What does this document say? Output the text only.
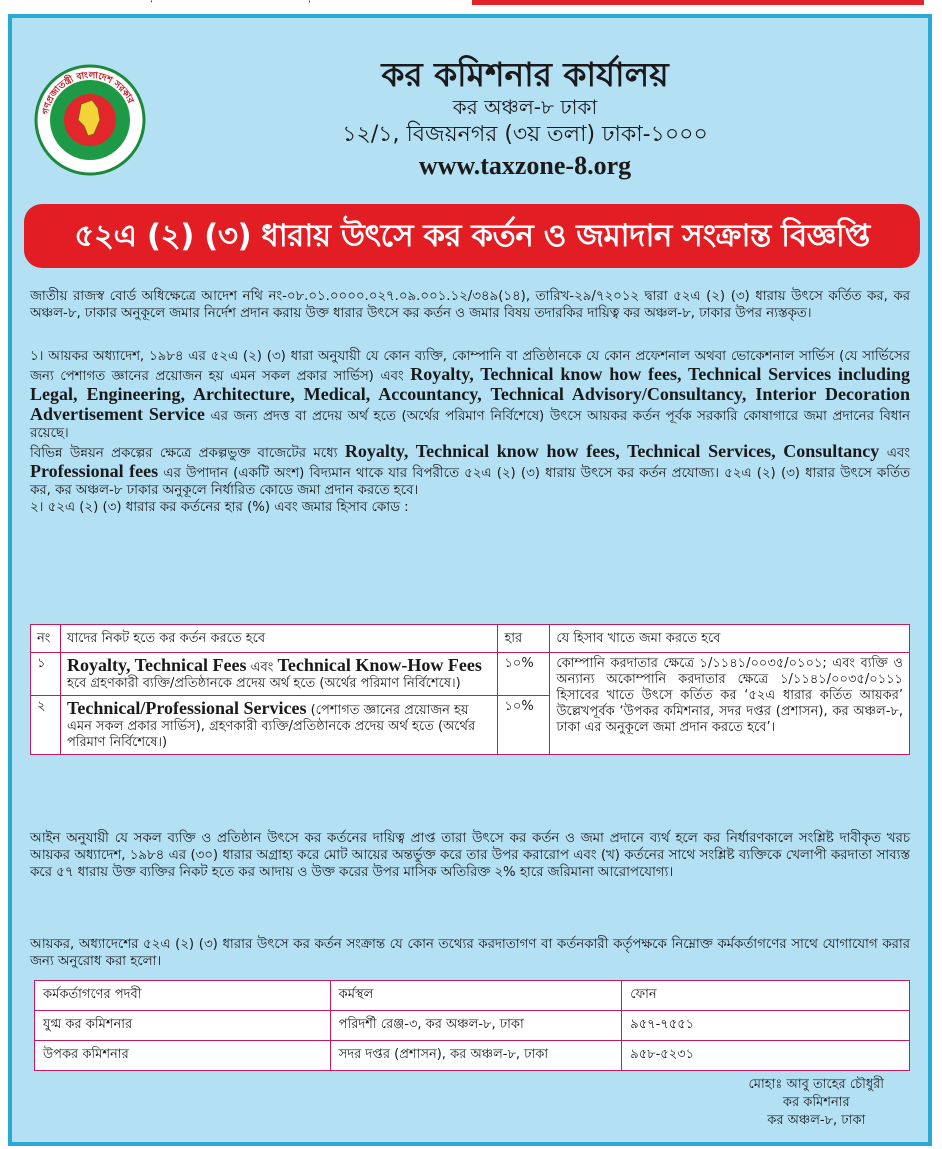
ʼ	ʼ
গণপ্রজাতন্ত্রী বাংলাদেশ সরকার
কর কমিশনার কার্যালয়
কর অঞ্চল-৮ ঢাকা
১২/১, বিজয়নগর (৩য় তলা) ঢাকা-১০০০
www.taxzone-8.org
৫২এ (২) (৩) ধারায় উৎসে কর কর্তন ও জমাদান সংক্রান্ত বিজ্ঞপ্তি
জাতীয় রাজস্ব বোর্ড অধিক্ষেত্রে আদেশ নথি নং-০৮.০১.০০০০.০২৭.০৯.০০১.১২/৩৪৯(১৪), তারিখ-২৯/৭২০১২ দ্বারা ৫২এ (২) (৩) ধারায় উৎসে কর্তিত কর, কর অঞ্চল-৮, ঢাকার অনুকূলে জমার নির্দেশ প্রদান করায় উক্ত ধারার উৎসে কর কর্তন ও জমার বিষয় তদারকির দায়িত্ব কর অঞ্চল-৮, ঢাকার উপর ন্যস্তকৃত।

১। আয়কর অধ্যাদেশ, ১৯৮৪ এর ৫২এ (২) (৩) ধারা অনুযায়ী যে কোন ব্যক্তি, কোম্পানি বা প্রতিষ্ঠানকে যে কোন প্রফেশনাল অথবা ভোকেশনাল সার্ভিস (যে সার্ভিসের জন্য পেশাগত জ্ঞানের প্রয়োজন হয় এমন সকল প্রকার সার্ভিস) এবং Royalty, Technical know how fees, Technical Services including Legal, Engineering, Architecture, Medical, Accountancy, Technical Advisory/Consultancy, Interior Decoration Advertisement Service এর জন্য প্রদত্ত বা প্রদেয় অর্থ হতে (অর্থের পরিমাণ নির্বিশেষে) উৎসে আয়কর কর্তন পূর্বক সরকারি কোষাগারে জমা প্রদানের বিধান রয়েছে।

বিভিন্ন উন্নয়ন প্রকল্পের ক্ষেত্রে প্রকল্পভুক্ত বাজেটের মধ্যে Royalty, Technical know how fees, Technical Services, Consultancy এবং Professional fees এর উপাদান (একটি অংশ) বিদ্যমান থাকে যার বিপরীতে ৫২এ (২) (৩) ধারায় উৎসে কর কর্তন প্রযোজ্য। ৫২এ (২) (৩) ধারার উৎসে কর্তিত কর, কর অঞ্চল-৮ ঢাকার অনুকূলে নির্ধারিত কোডে জমা প্রদান করতে হবে।

২। ৫২এ (২) (৩) ধারার কর কর্তনের হার (%) এবং জমার হিসাব কোড :

নং	যাদের নিকট হতে কর কর্তন করতে হবে	হার	যে হিসাব খাতে জমা করতে হবে
১	Royalty, Technical Fees এবং Technical Know-How Fees হবে গ্রহণকারী ব্যক্তি/প্রতিষ্ঠানকে প্রদেয় অর্থ হতে (অর্থের পরিমাণ নির্বিশেষে।)	১০%	কোম্পানি করদাতার ক্ষেত্রে ১/১১৪১/০০৩৫/০১০১; এবং ব্যক্তি ও অন্যান্য অকোম্পানি করদাতার ক্ষেত্রে ১/১১৪১/০০৩৫/০১১১ হিসাবের খাতে উৎসে কর্তিত কর ‘৫২এ ধারার কর্তিত আয়কর’ উল্লেখপূর্বক ‘উপকর কমিশনার, সদর দপ্তর (প্রশাসন), কর অঞ্চল-৮, ঢাকা এর অনুকূলে জমা প্রদান করতে হবে’।
২	Technical/Professional Services (পেশাগত জ্ঞানের প্রয়োজন হয় এমন সকল প্রকার সার্ভিস), গ্রহণকারী ব্যক্তি/প্রতিষ্ঠানকে প্রদেয় অর্থ হতে (অর্থের পরিমাণ নির্বিশেষে।)	১০%	
আইন অনুযায়ী যে সকল ব্যক্তি ও প্রতিষ্ঠান উৎসে কর কর্তনের দায়িত্ব প্রাপ্ত তারা উৎসে কর কর্তন ও জমা প্রদানে ব্যর্থ হলে কর নির্ধারণকালে সংশ্লিষ্ট দাবীকৃত খরচ আয়কর অধ্যাদেশ, ১৯৮৪ এর (৩০) ধারার অগ্রাহ্য করে মোট আয়ের অন্তর্ভুক্ত করে তার উপর করারোপ এবং (খ) কর্তনের সাথে সংশ্লিষ্ট ব্যক্তিকে খেলাপী করদাতা সাব্যস্ত করে ৫৭ ধারায় উক্ত ব্যক্তির নিকট হতে কর আদায় ও উক্ত করের উপর মাসিক অতিরিক্ত ২% হারে জরিমানা আরোপযোগ্য।
আয়কর, অধ্যাদেশের ৫২এ (২) (৩) ধারার উৎসে কর কর্তন সংক্রান্ত যে কোন তথ্যের করদাতাগণ বা কর্তনকারী কর্তৃপক্ষকে নিম্নোক্ত কর্মকর্তাগণের সাথে যোগাযোগ করার জন্য অনুরোধ করা হলো।
কর্মকর্তাগণের পদবী	কর্মস্থল	ফোন
যুগ্ম কর কমিশনার	পরিদর্শী রেঞ্জ-৩, কর অঞ্চল-৮, ঢাকা	৯৫৭-৭৫৫১
উপকর কমিশনার	সদর দপ্তর (প্রশাসন), কর অঞ্চল-৮, ঢাকা	৯৫৮-৫২৩১
মোহাঃ আবু তাহের চৌধুরী
কর কমিশনার
কর অঞ্চল-৮, ঢাকা
